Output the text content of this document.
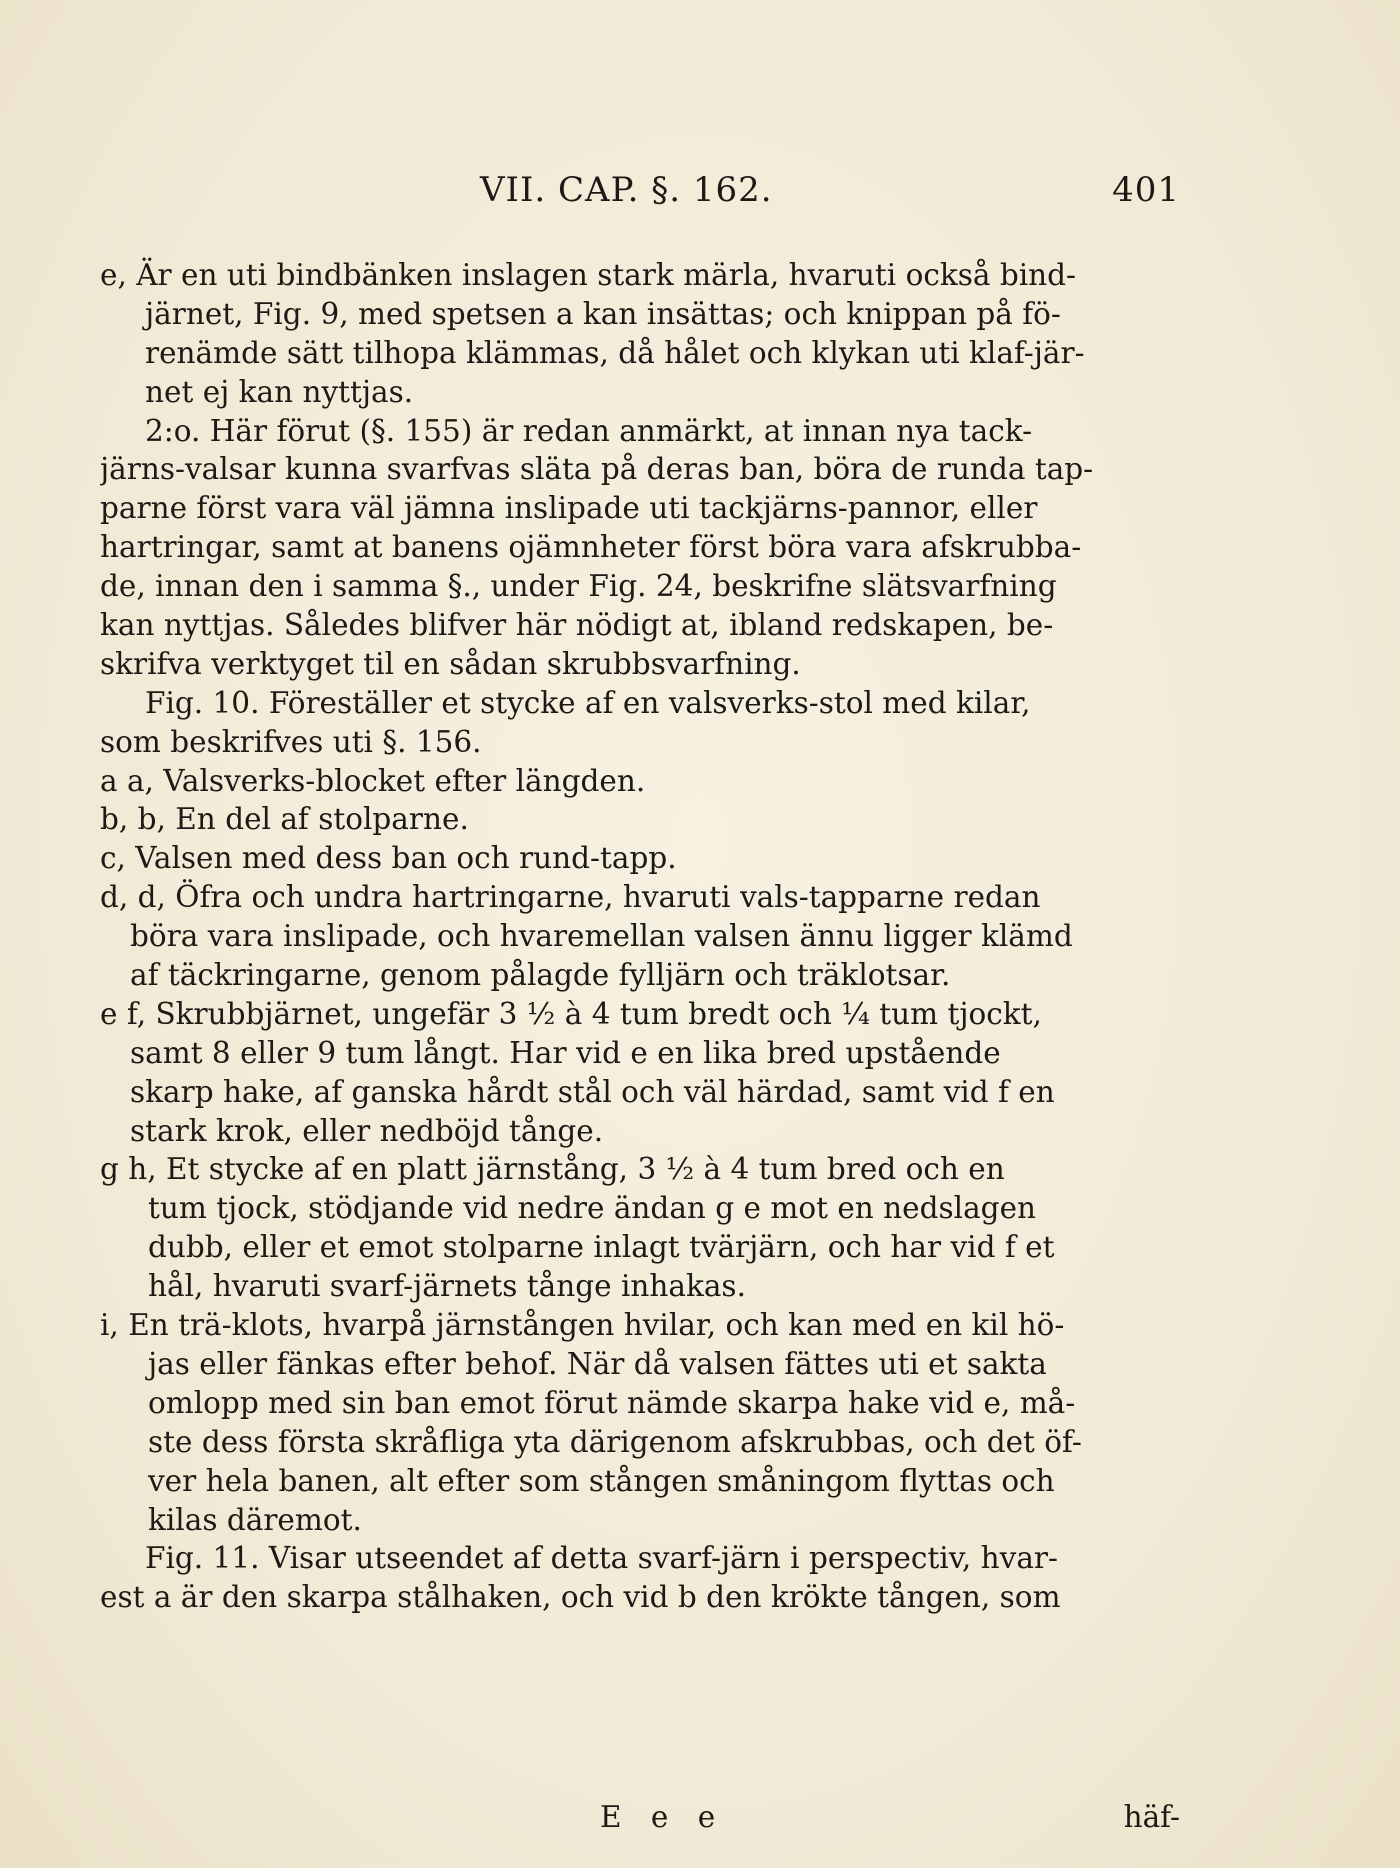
VII. CAP. §. 162.	401
e, Är en uti bindbänken inslagen stark märla, hvaruti också bind-
järnet, Fig. 9, med spetsen a kan insättas; och knippan på fö-
renämde sätt tilhopa klämmas, då hålet och klykan uti klaf-jär-
net ej kan nyttjas.
2:o. Här förut (§. 155) är redan anmärkt, at innan nya tack-
järns-valsar kunna svarfvas släta på deras ban, böra de runda tap-
parne först vara väl jämna inslipade uti tackjärns-pannor, eller
hartringar, samt at banens ojämnheter först böra vara afskrubba-
de, innan den i samma §., under Fig. 24, beskrifne slätsvarfning
kan nyttjas. Således blifver här nödigt at, ibland redskapen, be-
skrifva verktyget til en sådan skrubbsvarfning.
Fig. 10. Föreställer et stycke af en valsverks-stol med kilar,
som beskrifves uti §. 156.
a a, Valsverks-blocket efter längden.
b, b, En del af stolparne.
c, Valsen med dess ban och rund-tapp.
d, d, Öfra och undra hartringarne, hvaruti vals-tapparne redan
böra vara inslipade, och hvaremellan valsen ännu ligger klämd
af täckringarne, genom pålagde fylljärn och träklotsar.
e f, Skrubbjärnet, ungefär 3 ½ à 4 tum bredt och ¼ tum tjockt,
samt 8 eller 9 tum långt. Har vid e en lika bred upstående
skarp hake, af ganska hårdt stål och väl härdad, samt vid f en
stark krok, eller nedböjd tånge.
g h, Et stycke af en platt järnstång, 3 ½ à 4 tum bred och en
tum tjock, stödjande vid nedre ändan g e mot en nedslagen
dubb, eller et emot stolparne inlagt tvärjärn, och har vid f et
hål, hvaruti svarf-järnets tånge inhakas.
i, En trä-klots, hvarpå järnstången hvilar, och kan med en kil hö-
jas eller fänkas efter behof. När då valsen fättes uti et sakta
omlopp med sin ban emot förut nämde skarpa hake vid e, må-
ste dess första skråfliga yta därigenom afskrubbas, och det öf-
ver hela banen, alt efter som stången småningom flyttas och
kilas däremot.
Fig. 11. Visar utseendet af detta svarf-järn i perspectiv, hvar-
est a är den skarpa stålhaken, och vid b den krökte tången, som
E e e	häf-
